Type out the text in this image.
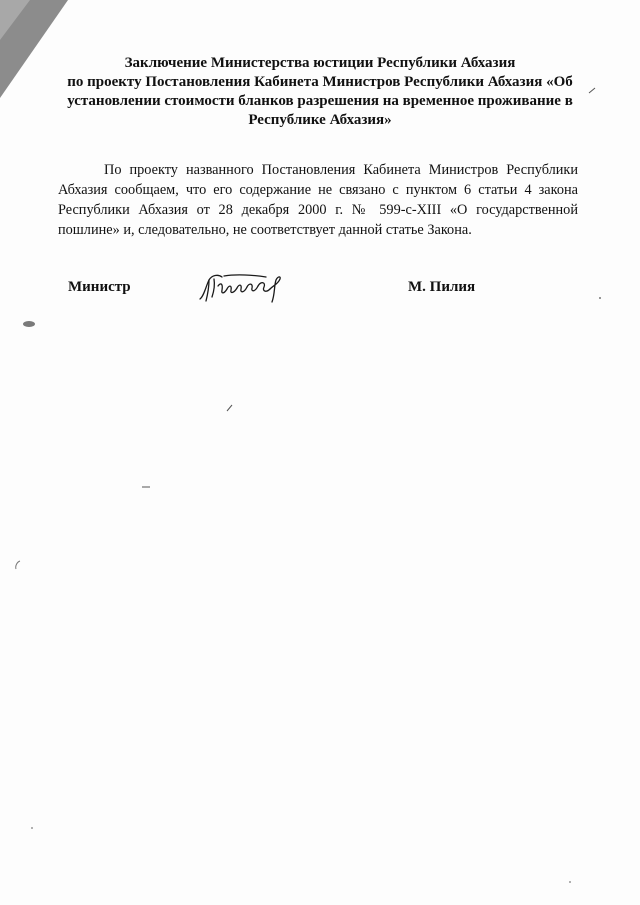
Заключение Министерства юстиции Республики Абхазия
по проекту Постановления Кабинета Министров Республики Абхазия «Об
установлении стоимости бланков разрешения на временное проживание в
Республике Абхазия»
По проекту названного Постановления Кабинета Министров Республики Абхазия сообщаем, что его содержание не связано с пунктом 6 статьи 4 закона Республики Абхазия от 28 декабря 2000 г. № 599-с-XIII «О государственной пошлине» и, следовательно, не соответствует данной статье Закона.
Министр	М. Пилия
